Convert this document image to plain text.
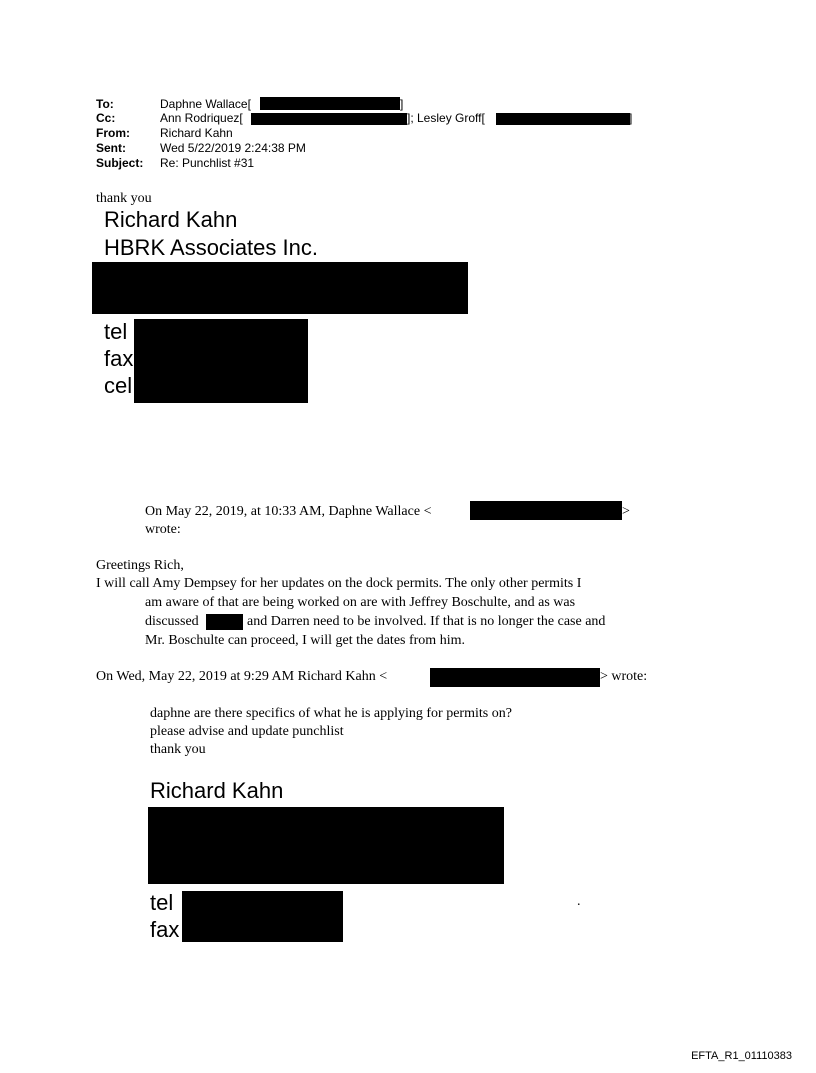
To:	Daphne Wallace[	]
Cc:	Ann Rodriquez[	]; Lesley Groff[	]
From:	Richard Kahn
Sent:	Wed 5/22/2019 2:24:38 PM
Subject: Re: Punchlist #31
thank you
Richard Kahn
HBRK Associates Inc.
tel
fax
cel
On May 22, 2019, at 10:33 AM, Daphne Wallace <	>
wrote:
Greetings Rich,
I will call Amy Dempsey for her updates on the dock permits. The only other permits I
am aware of that are being worked on are with Jeffrey Boschulte, and as was
discussed	and Darren need to be involved. If that is no longer the case and
Mr. Boschulte can proceed, I will get the dates from him.
On Wed, May 22, 2019 at 9:29 AM Richard Kahn <	> wrote:
daphne are there specifics of what he is applying for permits on?
please advise and update punchlist
thank you
Richard Kahn
tel
fax
.
EFTA_R1_01110383
